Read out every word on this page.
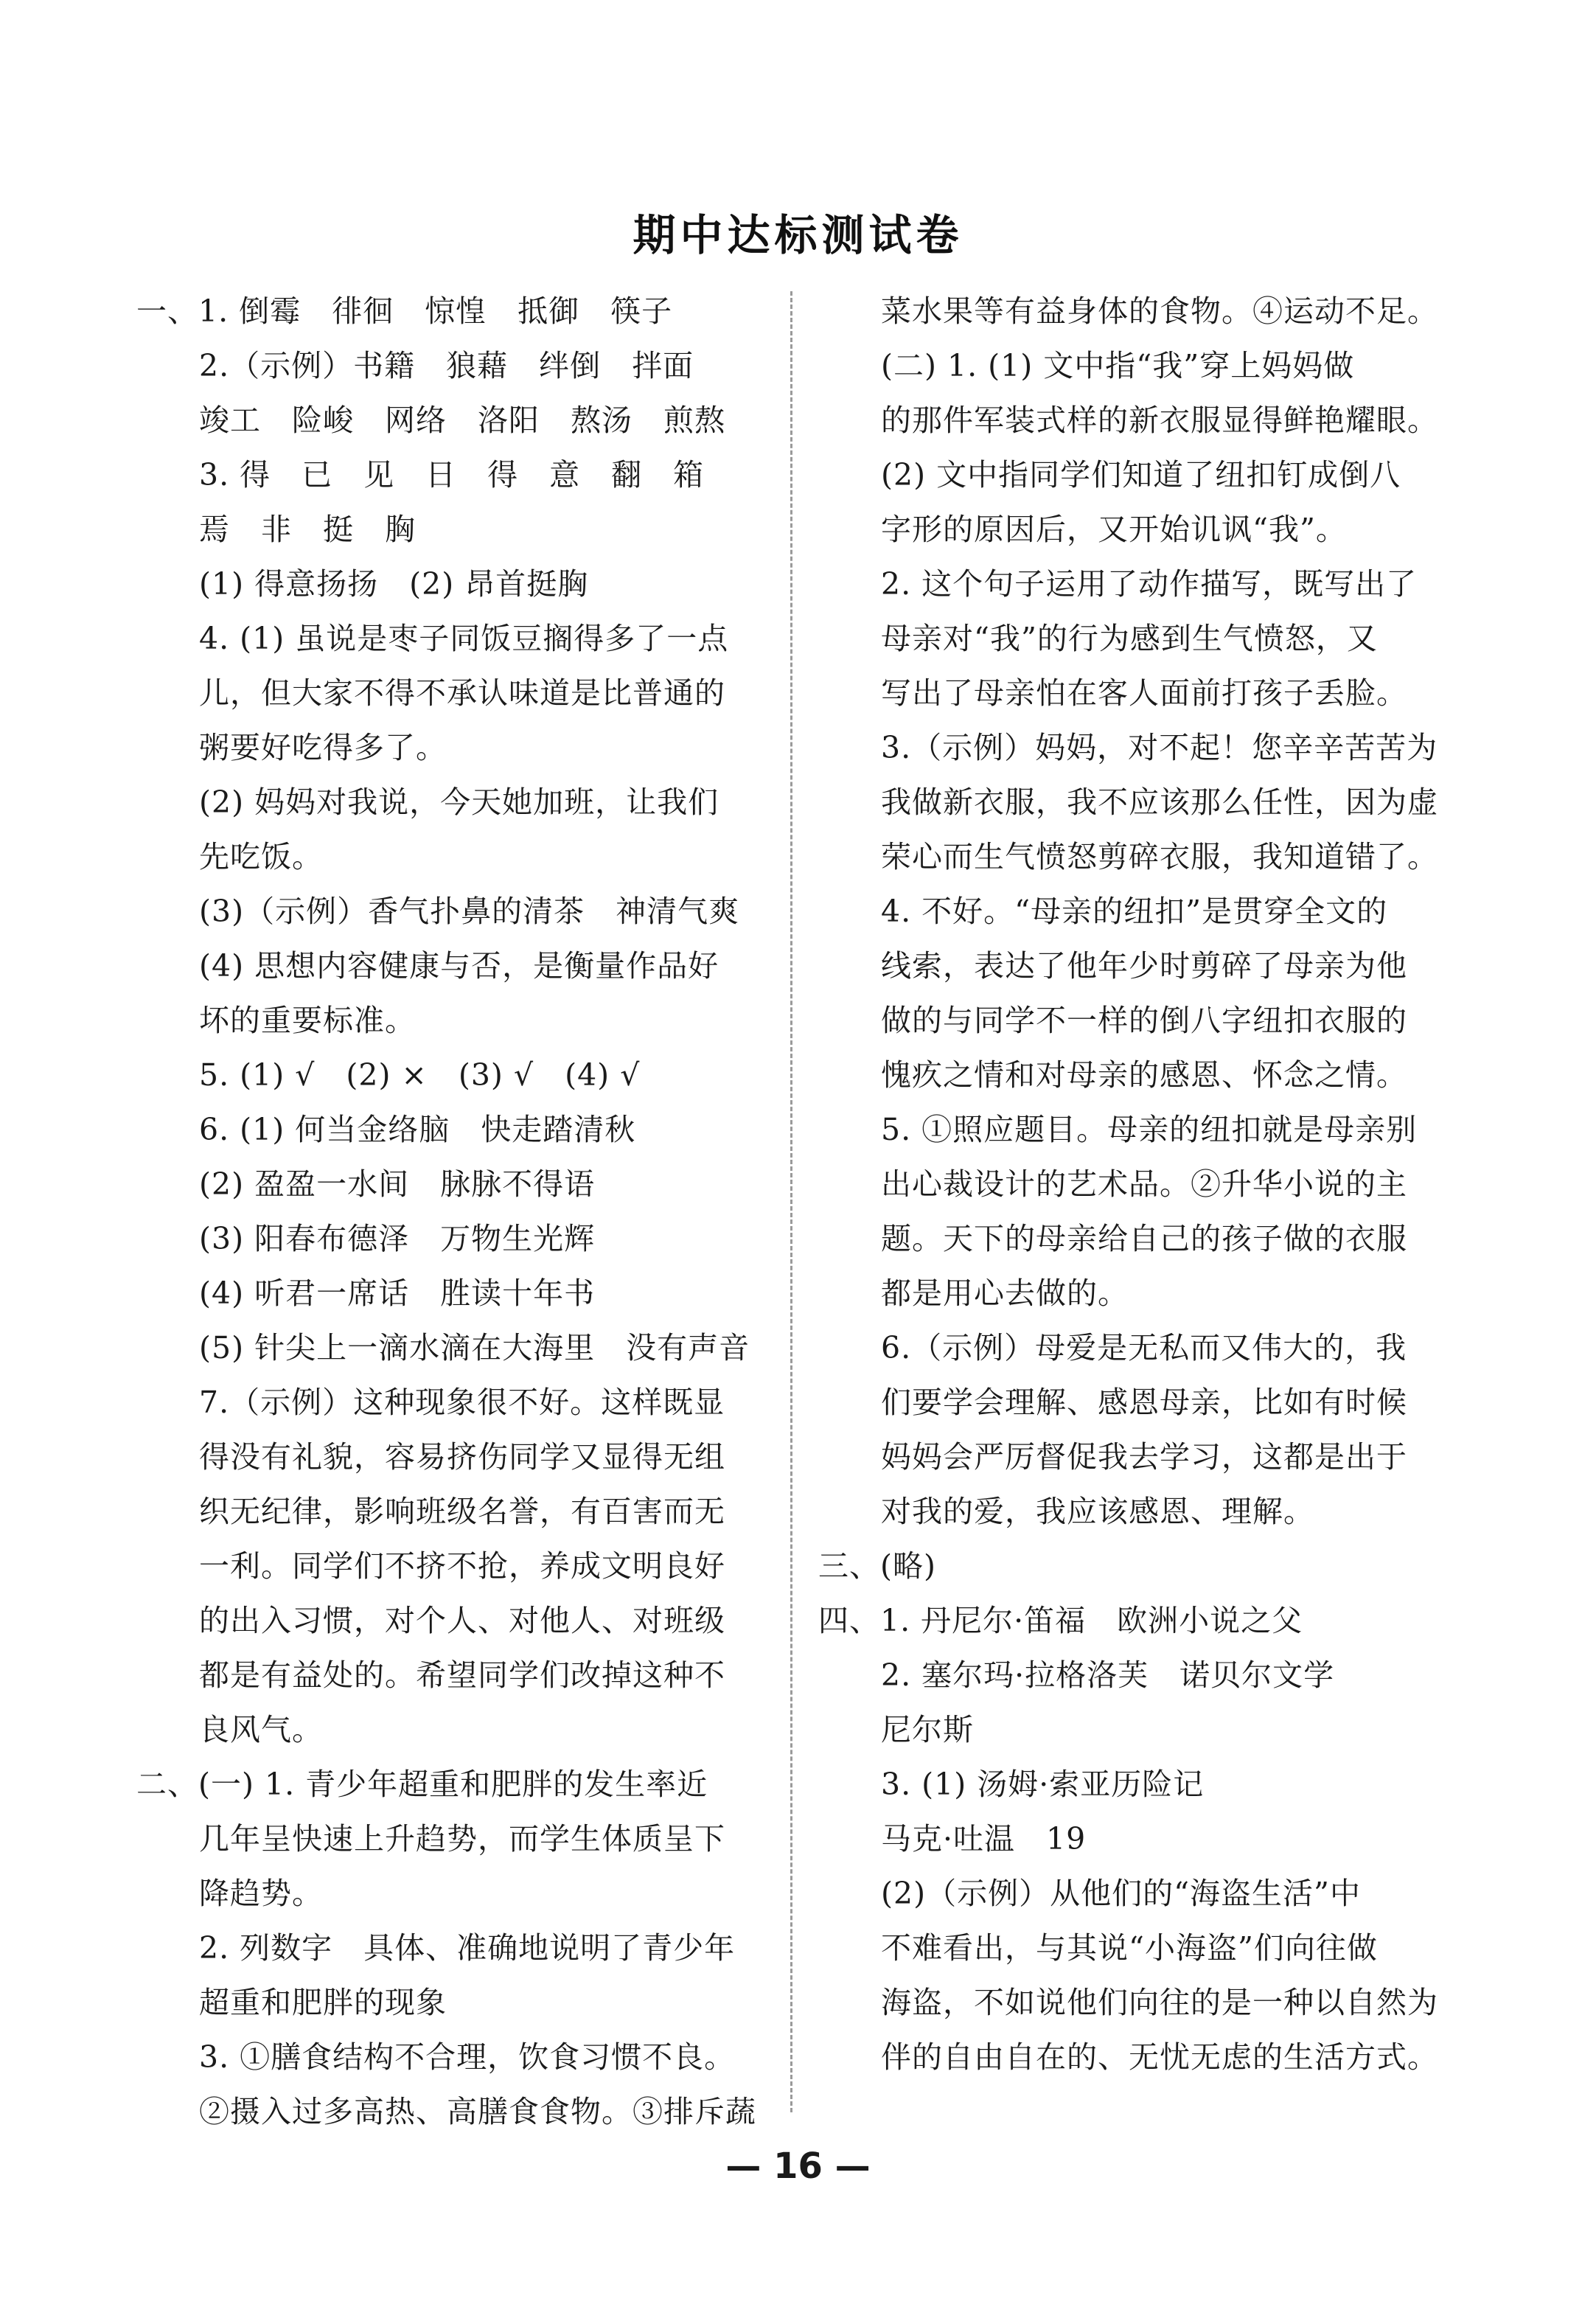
期中达标测试卷
一、1. 倒霉　徘徊　惊惶　抵御　筷子
2.（示例）书籍　狼藉　绊倒　拌面
竣工　险峻　网络　洛阳　熬汤　煎熬
3. 得　已　见　日　得　意　翻　箱
焉　非　挺　胸
(1) 得意扬扬　(2) 昂首挺胸
4. (1) 虽说是枣子同饭豆搁得多了一点
儿，但大家不得不承认味道是比普通的
粥要好吃得多了。
(2) 妈妈对我说，今天她加班，让我们
先吃饭。
(3)（示例）香气扑鼻的清茶　神清气爽
(4) 思想内容健康与否，是衡量作品好
坏的重要标准。
5. (1) √　(2) ×　(3) √　(4) √
6. (1) 何当金络脑　快走踏清秋
(2) 盈盈一水间　脉脉不得语
(3) 阳春布德泽　万物生光辉
(4) 听君一席话　胜读十年书
(5) 针尖上一滴水滴在大海里　没有声音
7.（示例）这种现象很不好。这样既显
得没有礼貌，容易挤伤同学又显得无组
织无纪律，影响班级名誉，有百害而无
一利。同学们不挤不抢，养成文明良好
的出入习惯，对个人、对他人、对班级
都是有益处的。希望同学们改掉这种不
良风气。
二、(一) 1. 青少年超重和肥胖的发生率近
几年呈快速上升趋势，而学生体质呈下
降趋势。
2. 列数字　具体、准确地说明了青少年
超重和肥胖的现象
3. ①膳食结构不合理，饮食习惯不良。
②摄入过多高热、高膳食食物。③排斥蔬
菜水果等有益身体的食物。④运动不足。
(二) 1. (1) 文中指“我”穿上妈妈做
的那件军装式样的新衣服显得鲜艳耀眼。
(2) 文中指同学们知道了纽扣钉成倒八
字形的原因后，又开始讥讽“我”。
2. 这个句子运用了动作描写，既写出了
母亲对“我”的行为感到生气愤怒，又
写出了母亲怕在客人面前打孩子丢脸。
3.（示例）妈妈，对不起！您辛辛苦苦为
我做新衣服，我不应该那么任性，因为虚
荣心而生气愤怒剪碎衣服，我知道错了。
4. 不好。“母亲的纽扣”是贯穿全文的
线索，表达了他年少时剪碎了母亲为他
做的与同学不一样的倒八字纽扣衣服的
愧疚之情和对母亲的感恩、怀念之情。
5. ①照应题目。母亲的纽扣就是母亲别
出心裁设计的艺术品。②升华小说的主
题。天下的母亲给自己的孩子做的衣服
都是用心去做的。
6.（示例）母爱是无私而又伟大的，我
们要学会理解、感恩母亲，比如有时候
妈妈会严厉督促我去学习，这都是出于
对我的爱，我应该感恩、理解。
三、(略)
四、1. 丹尼尔·笛福　欧洲小说之父
2. 塞尔玛·拉格洛芙　诺贝尔文学
尼尔斯
3. (1) 汤姆·索亚历险记
马克·吐温　19
(2)（示例）从他们的“海盗生活”中
不难看出，与其说“小海盗”们向往做
海盗，不如说他们向往的是一种以自然为
伴的自由自在的、无忧无虑的生活方式。
— 16 —
